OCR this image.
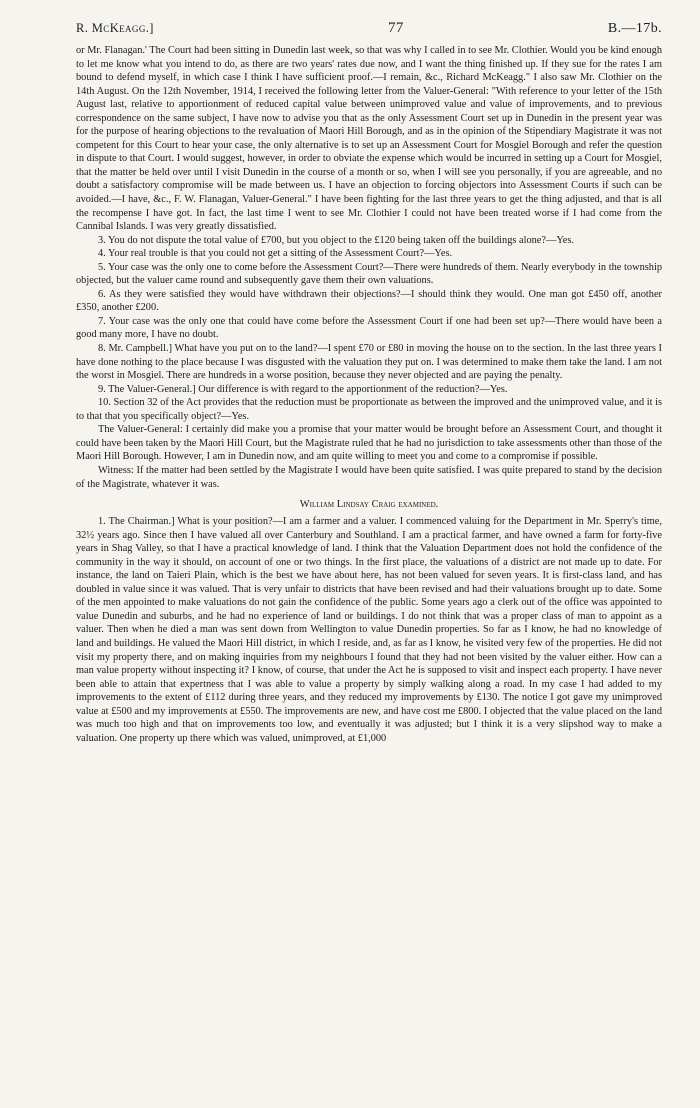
R. McKeagg.]	77	B.—17b.

or Mr. Flanagan.' The Court had been sitting in Dunedin last week, so that was why I called in to see Mr. Clothier. Would you be kind enough to let me know what you intend to do, as there are two years' rates due now, and I want the thing finished up. If they sue for the rates I am bound to defend myself, in which case I think I have sufficient proof.—I remain, &c., Richard McKeagg." I also saw Mr. Clothier on the 14th August. On the 12th November, 1914, I received the following letter from the Valuer-General: "With reference to your letter of the 15th August last, relative to apportionment of reduced capital value between unimproved value and value of improvements, and to previous correspondence on the same subject, I have now to advise you that as the only Assessment Court set up in Dunedin in the present year was for the purpose of hearing objections to the revaluation of Maori Hill Borough, and as in the opinion of the Stipendiary Magistrate it was not competent for this Court to hear your case, the only alternative is to set up an Assessment Court for Mosgiel Borough and refer the question in dispute to that Court. I would suggest, however, in order to obviate the expense which would be incurred in setting up a Court for Mosgiel, that the matter be held over until I visit Dunedin in the course of a month or so, when I will see you personally, if you are agreeable, and no doubt a satisfactory compromise will be made between us. I have an objection to forcing objectors into Assessment Courts if such can be avoided.—I have, &c., F. W. Flanagan, Valuer-General." I have been fighting for the last three years to get the thing adjusted, and that is all the recompense I have got. In fact, the last time I went to see Mr. Clothier I could not have been treated worse if I had come from the Cannibal Islands. I was very greatly dissatisfied.

3. You do not dispute the total value of £700, but you object to the £120 being taken off the buildings alone?—Yes.

4. Your real trouble is that you could not get a sitting of the Assessment Court?—Yes.

5. Your case was the only one to come before the Assessment Court?—There were hundreds of them. Nearly everybody in the township objected, but the valuer came round and subsequently gave them their own valuations.

6. As they were satisfied they would have withdrawn their objections?—I should think they would. One man got £450 off, another £350, another £200.

7. Your case was the only one that could have come before the Assessment Court if one had been set up?—There would have been a good many more, I have no doubt.

8. Mr. Campbell.] What have you put on to the land?—I spent £70 or £80 in moving the house on to the section. In the last three years I have done nothing to the place because I was disgusted with the valuation they put on. I was determined to make them take the land. I am not the worst in Mosgiel. There are hundreds in a worse position, because they never objected and are paying the penalty.

9. The Valuer-General.] Our difference is with regard to the apportionment of the reduction?—Yes.

10. Section 32 of the Act provides that the reduction must be proportionate as between the improved and the unimproved value, and it is to that that you specifically object?—Yes.

The Valuer-General: I certainly did make you a promise that your matter would be brought before an Assessment Court, and thought it could have been taken by the Maori Hill Court, but the Magistrate ruled that he had no jurisdiction to take assessments other than those of the Maori Hill Borough. However, I am in Dunedin now, and am quite willing to meet you and come to a compromise if possible.

Witness: If the matter had been settled by the Magistrate I would have been quite satisfied. I was quite prepared to stand by the decision of the Magistrate, whatever it was.

William Lindsay Craig examined.

1. The Chairman.] What is your position?—I am a farmer and a valuer. I commenced valuing for the Department in Mr. Sperry's time, 32½ years ago. Since then I have valued all over Canterbury and Southland. I am a practical farmer, and have owned a farm for forty-five years in Shag Valley, so that I have a practical knowledge of land. I think that the Valuation Department does not hold the confidence of the community in the way it should, on account of one or two things. In the first place, the valuations of a district are not made up to date. For instance, the land on Taieri Plain, which is the best we have about here, has not been valued for seven years. It is first-class land, and has doubled in value since it was valued. That is very unfair to districts that have been revised and had their valuations brought up to date. Some of the men appointed to make valuations do not gain the confidence of the public. Some years ago a clerk out of the office was appointed to value Dunedin and suburbs, and he had no experience of land or buildings. I do not think that was a proper class of man to appoint as a valuer. Then when he died a man was sent down from Wellington to value Dunedin properties. So far as I know, he had no knowledge of land and buildings. He valued the Maori Hill district, in which I reside, and, as far as I know, he visited very few of the properties. He did not visit my property there, and on making inquiries from my neighbours I found that they had not been visited by the valuer either. How can a man value property without inspecting it? I know, of course, that under the Act he is supposed to visit and inspect each property. I have never been able to attain that expertness that I was able to value a property by simply walking along a road. In my case I had added to my improvements to the extent of £112 during three years, and they reduced my improvements by £130. The notice I got gave my unimproved value at £500 and my improvements at £550. The improvements are new, and have cost me £800. I objected that the value placed on the land was much too high and that on improvements too low, and eventually it was adjusted; but I think it is a very slipshod way to make a valuation. One property up there which was valued, unimproved, at £1,000
